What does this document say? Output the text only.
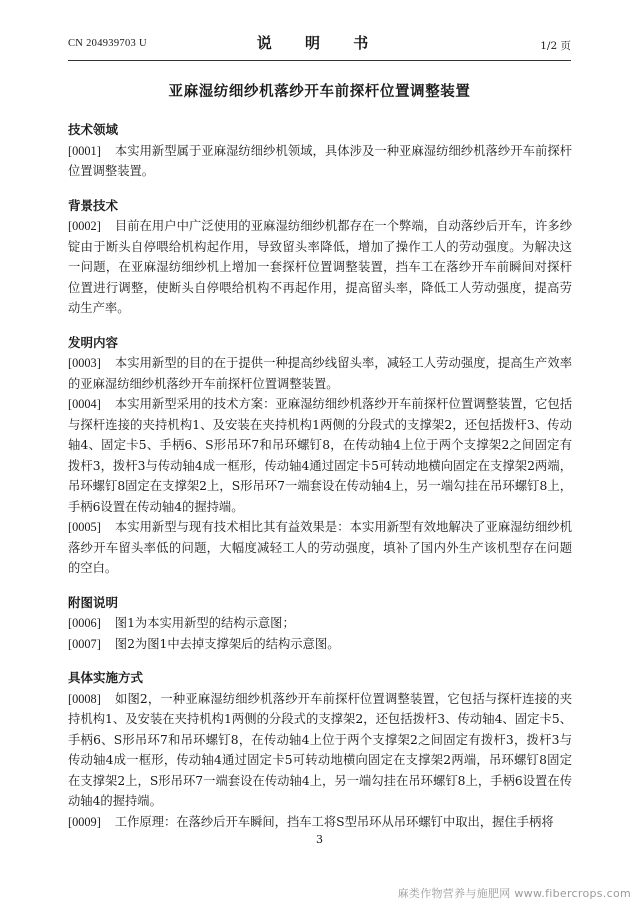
CN 204939703 U	说 明 书	1/2 页
亚麻湿纺细纱机落纱开车前探杆位置调整装置
技术领域

[0001] 本实用新型属于亚麻湿纺细纱机领域，具体涉及一种亚麻湿纺细纱机落纱开车前探杆位置调整装置。

背景技术

[0002] 目前在用户中广泛使用的亚麻湿纺细纱机都存在一个弊端，自动落纱后开车，许多纱锭由于断头自停喂给机构起作用，导致留头率降低，增加了操作工人的劳动强度。为解决这一问题，在亚麻湿纺细纱机上增加一套探杆位置调整装置，挡车工在落纱开车前瞬间对探杆位置进行调整，使断头自停喂给机构不再起作用，提高留头率，降低工人劳动强度，提高劳动生产率。

发明内容

[0003] 本实用新型的目的在于提供一种提高纱线留头率，减轻工人劳动强度，提高生产效率的亚麻湿纺细纱机落纱开车前探杆位置调整装置。

[0004] 本实用新型采用的技术方案：亚麻湿纺细纱机落纱开车前探杆位置调整装置，它包括与探杆连接的夹持机构1、及安装在夹持机构1两侧的分段式的支撑架2，还包括拨杆3、传动轴4、固定卡5、手柄6、S形吊环7和吊环螺钉8，在传动轴4上位于两个支撑架2之间固定有拨杆3，拨杆3与传动轴4成一框形，传动轴4通过固定卡5可转动地横向固定在支撑架2两端，吊环螺钉8固定在支撑架2上，S形吊环7一端套设在传动轴4上，另一端勾挂在吊环螺钉8上，手柄6设置在传动轴4的握持端。

[0005] 本实用新型与现有技术相比其有益效果是：本实用新型有效地解决了亚麻湿纺细纱机落纱开车留头率低的问题，大幅度减轻工人的劳动强度，填补了国内外生产该机型存在问题的空白。

附图说明

[0006] 图1为本实用新型的结构示意图；

[0007] 图2为图1中去掉支撑架后的结构示意图。

具体实施方式

[0008] 如图2，一种亚麻湿纺细纱机落纱开车前探杆位置调整装置，它包括与探杆连接的夹持机构1、及安装在夹持机构1两侧的分段式的支撑架2，还包括拨杆3、传动轴4、固定卡5、手柄6、S形吊环7和吊环螺钉8，在传动轴4上位于两个支撑架2之间固定有拨杆3，拨杆3与传动轴4成一框形，传动轴4通过固定卡5可转动地横向固定在支撑架2两端，吊环螺钉8固定在支撑架2上，S形吊环7一端套设在传动轴4上，另一端勾挂在吊环螺钉8上，手柄6设置在传动轴4的握持端。

[0009] 工作原理：在落纱后开车瞬间，挡车工将S型吊环从吊环螺钉中取出，握住手柄将

3
麻类作物营养与施肥网 www.fibercrops.com
